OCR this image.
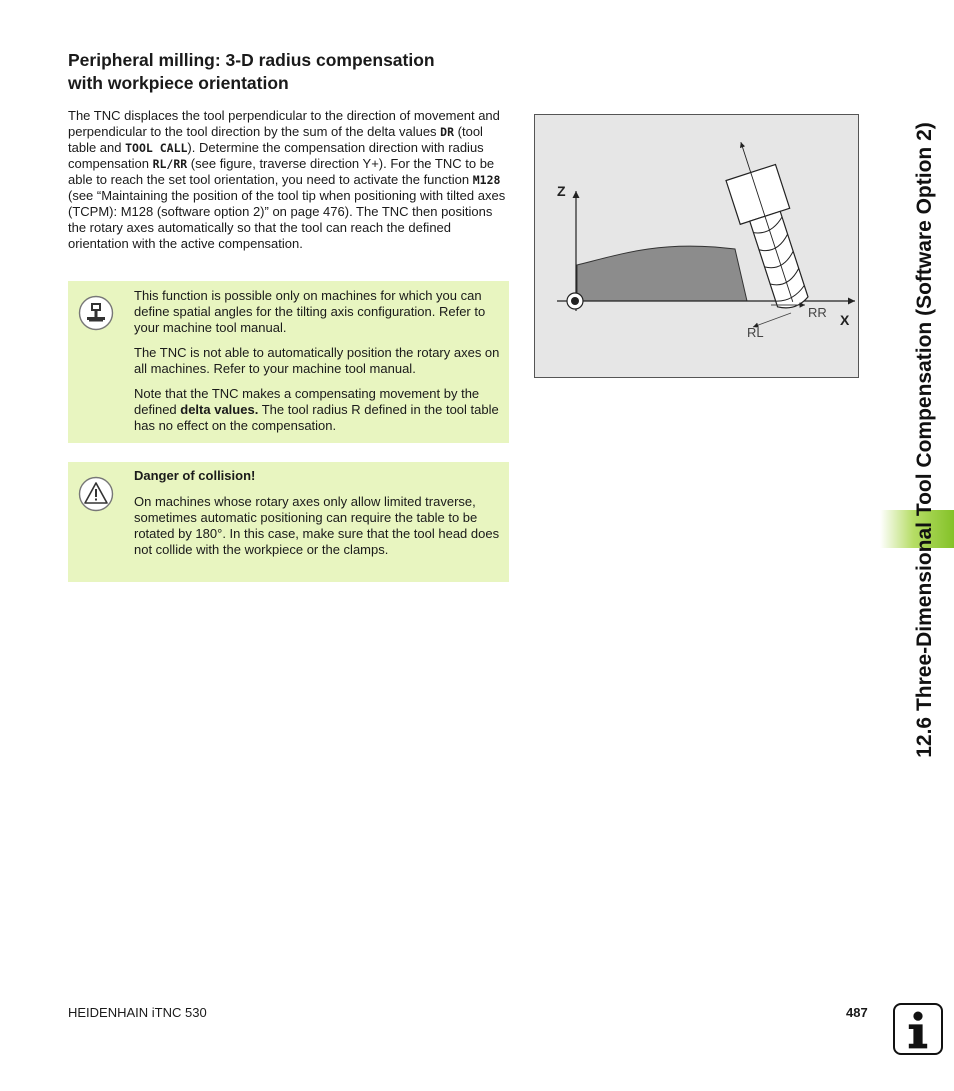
Peripheral milling: 3-D radius compensation
with workpiece orientation

The TNC displaces the tool perpendicular to the direction of movement and perpendicular to the tool direction by the sum of the delta values DR (tool table and TOOL CALL). Determine the compensation direction with radius compensation RL/RR (see figure, traverse direction Y+). For the TNC to be able to reach the set tool orientation, you need to activate the function M128 (see “Maintaining the position of the tool tip when positioning with tilted axes (TCPM): M128 (software option 2)” on page 476). The TNC then positions the rotary axes automatically so that the tool can reach the defined orientation with the active compensation.

This function is possible only on machines for which you can define spatial angles for the tilting axis configuration. Refer to your machine tool manual.

The TNC is not able to automatically position the rotary axes on all machines. Refer to your machine tool manual.

Note that the TNC makes a compensating movement by the defined delta values. The tool radius R defined in the tool table has no effect on the compensation.

Danger of collision!
On machines whose rotary axes only allow limited traverse, sometimes automatic positioning can require the table to be rotated by 180°. In this case, make sure that the tool head does not collide with the workpiece or the clamps.
Z
X
RR
RL	12.6 Three-Dimensional Tool Compensation (Software Option 2)
HEIDENHAIN iTNC 530	487
